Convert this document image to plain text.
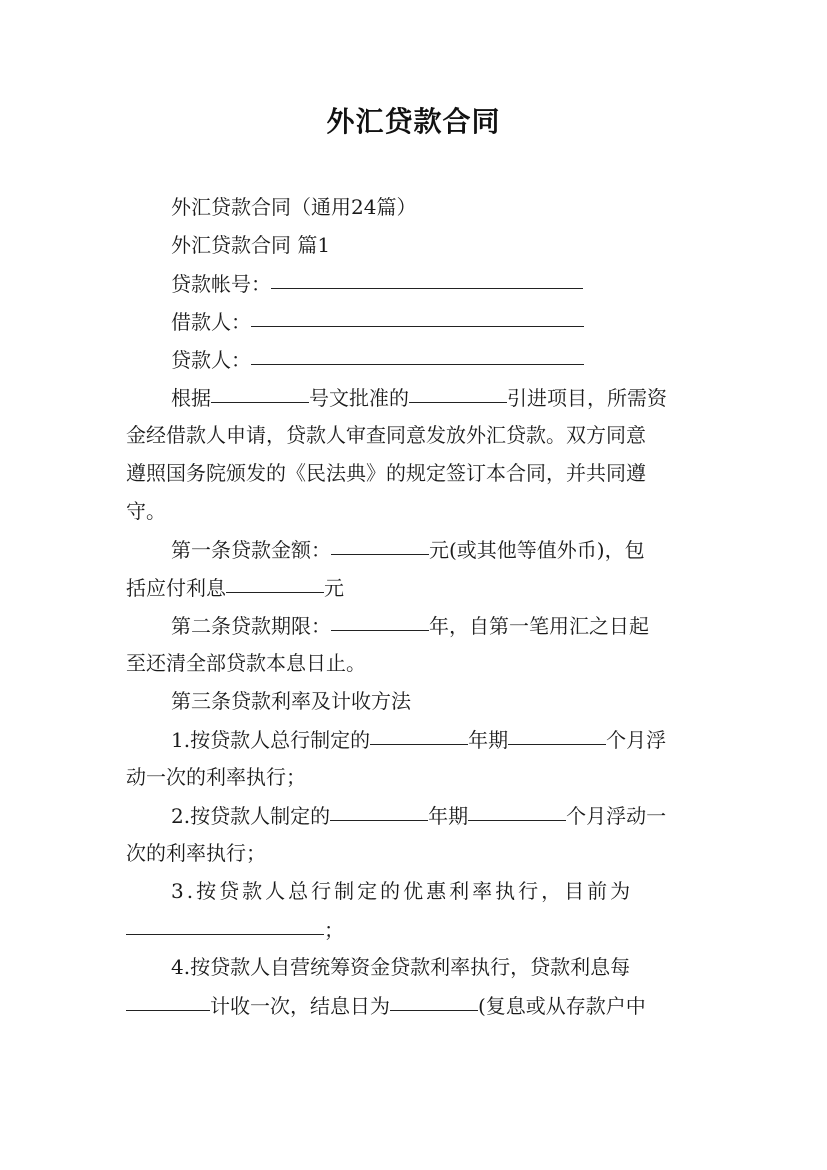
外汇贷款合同
外汇贷款合同（通用24篇）
外汇贷款合同 篇1
贷款帐号：
借款人：
贷款人：
根据	号文批准的	引进项目，所需资
金经借款人申请，贷款人审查同意发放外汇贷款。双方同意
遵照国务院颁发的《民法典》的规定签订本合同，并共同遵
守。
第一条贷款金额：	元(或其他等值外币)，包
括应付利息	元
第二条贷款期限：	年，自第一笔用汇之日起
至还清全部贷款本息日止。
第三条贷款利率及计收方法
1.按贷款人总行制定的	年期	个月浮
动一次的利率执行；
2.按贷款人制定的	年期	个月浮动一
次的利率执行；
3.按贷款人总行制定的优惠利率执行，目前为
；
4.按贷款人自营统筹资金贷款利率执行，贷款利息每
计收一次，结息日为	(复息或从存款户中
